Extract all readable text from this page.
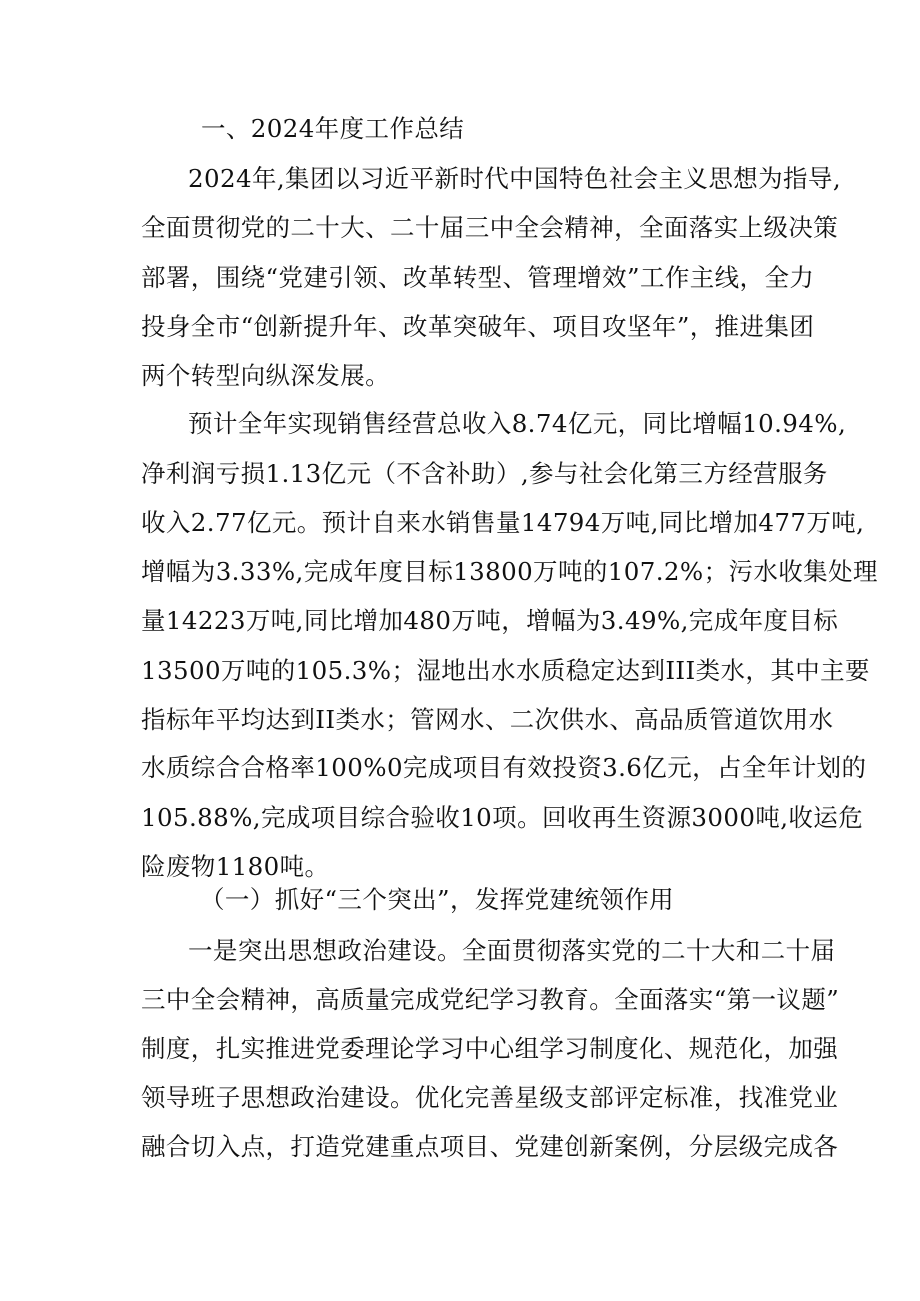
一、2024年度工作总结

2024年,集团以习近平新时代中国特色社会主义思想为指导,

全面贯彻党的二十大、二十届三中全会精神，全面落实上级决策

部署，围绕“党建引领、改革转型、管理增效”工作主线，全力

投身全市“创新提升年、改革突破年、项目攻坚年”，推进集团

两个转型向纵深发展。

预计全年实现销售经营总收入8.74亿元，同比增幅10.94%,

净利润亏损1.13亿元（不含补助）,参与社会化第三方经营服务

收入2.77亿元。预计自来水销售量14794万吨,同比增加477万吨,

增幅为3.33%,完成年度目标13800万吨的107.2%；污水收集处理

量14223万吨,同比增加480万吨，增幅为3.49%,完成年度目标

13500万吨的105.3%；湿地出水水质稳定达到III类水，其中主要

指标年平均达到II类水；管网水、二次供水、高品质管道饮用水

水质综合合格率100%0完成项目有效投资3.6亿元，占全年计划的

105.88%,完成项目综合验收10项。回收再生资源3000吨,收运危

险废物1180吨。

（一）抓好“三个突出”，发挥党建统领作用

一是突出思想政治建设。全面贯彻落实党的二十大和二十届

三中全会精神，高质量完成党纪学习教育。全面落实“第一议题”

制度，扎实推进党委理论学习中心组学习制度化、规范化，加强

领导班子思想政治建设。优化完善星级支部评定标准，找准党业

融合切入点，打造党建重点项目、党建创新案例，分层级完成各
